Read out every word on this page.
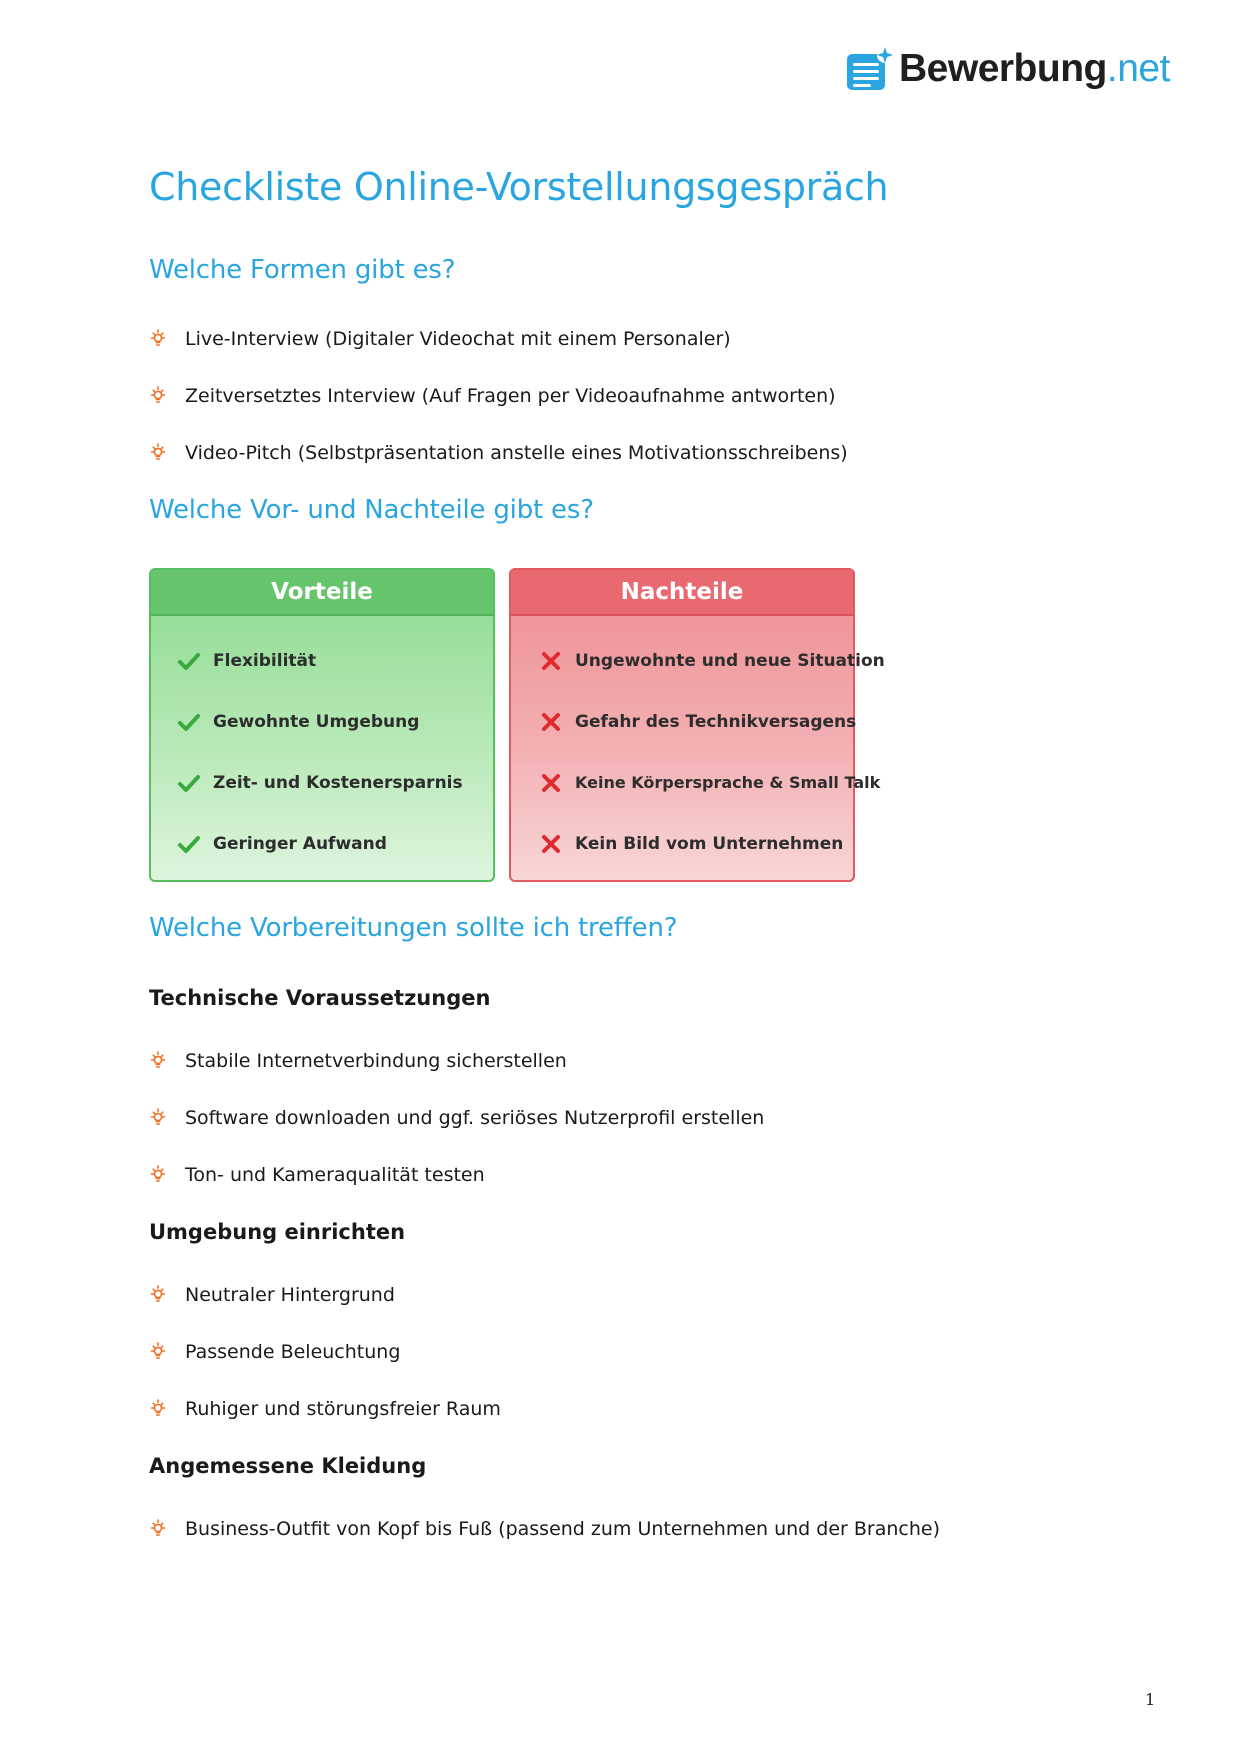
Bewerbung.net
Checkliste Online-Vorstellungsgespräch
Welche Formen gibt es?
Live-Interview (Digitaler Videochat mit einem Personaler)
Zeitversetztes Interview (Auf Fragen per Videoaufnahme antworten)
Video-Pitch (Selbstpräsentation anstelle eines Motivationsschreibens)
Welche Vor- und Nachteile gibt es?
Vorteile
Flexibilität
Gewohnte Umgebung
Zeit- und Kostenersparnis
Geringer Aufwand
Nachteile
Ungewohnte und neue Situation
Gefahr des Technikversagens
Keine Körpersprache & Small Talk
Kein Bild vom Unternehmen
Welche Vorbereitungen sollte ich treffen?
Technische Voraussetzungen
Stabile Internetverbindung sicherstellen
Software downloaden und ggf. seriöses Nutzerprofil erstellen
Ton- und Kameraqualität testen
Umgebung einrichten
Neutraler Hintergrund
Passende Beleuchtung
Ruhiger und störungsfreier Raum
Angemessene Kleidung
Business-Outfit von Kopf bis Fuß (passend zum Unternehmen und der Branche)
1
